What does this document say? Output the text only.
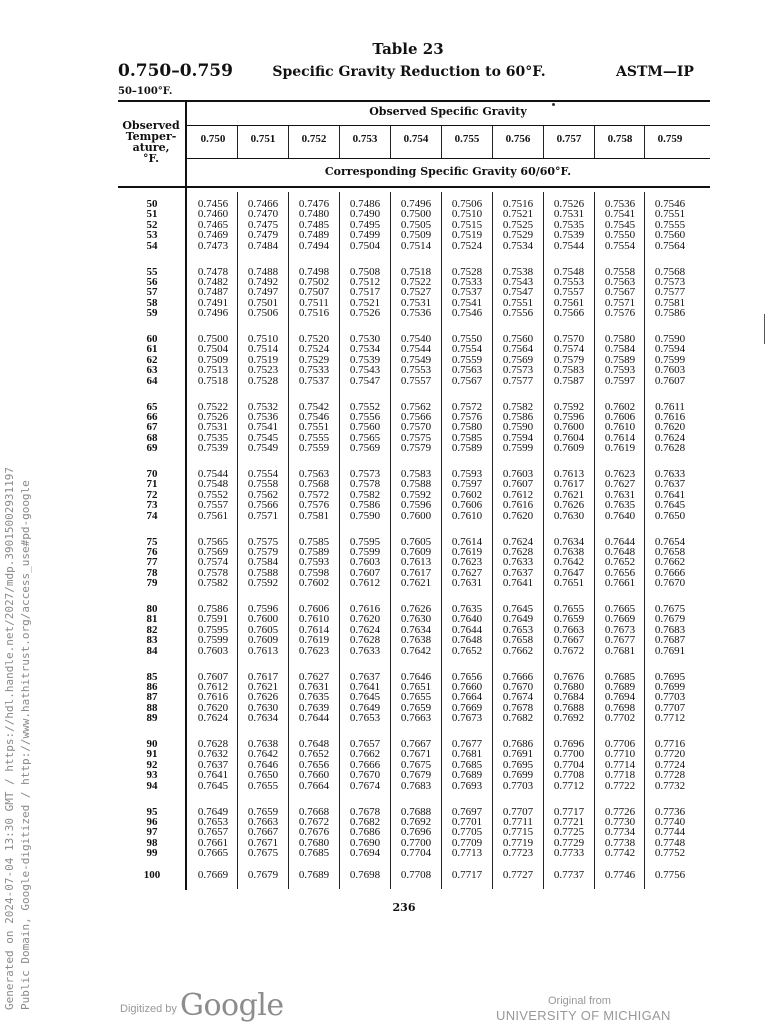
Table 23
0.750–0.759	Specific Gravity Reduction to 60°F.	ASTM—IP
50–100°F.
Observed
Temper-
ature,
°F.
Observed Specific Gravity
Corresponding Specific Gravity 60/60°F.
0.750	0.751	0.752	0.753	0.754	0.755	0.756	0.757	0.758	0.759
50	0.7456	0.7466	0.7476	0.7486	0.7496	0.7506	0.7516	0.7526	0.7536	0.7546
51	0.7460	0.7470	0.7480	0.7490	0.7500	0.7510	0.7521	0.7531	0.7541	0.7551
52	0.7465	0.7475	0.7485	0.7495	0.7505	0.7515	0.7525	0.7535	0.7545	0.7555
53	0.7469	0.7479	0.7489	0.7499	0.7509	0.7519	0.7529	0.7539	0.7550	0.7560
54	0.7473	0.7484	0.7494	0.7504	0.7514	0.7524	0.7534	0.7544	0.7554	0.7564
55	0.7478	0.7488	0.7498	0.7508	0.7518	0.7528	0.7538	0.7548	0.7558	0.7568
56	0.7482	0.7492	0.7502	0.7512	0.7522	0.7533	0.7543	0.7553	0.7563	0.7573
57	0.7487	0.7497	0.7507	0.7517	0.7527	0.7537	0.7547	0.7557	0.7567	0.7577
58	0.7491	0.7501	0.7511	0.7521	0.7531	0.7541	0.7551	0.7561	0.7571	0.7581
59	0.7496	0.7506	0.7516	0.7526	0.7536	0.7546	0.7556	0.7566	0.7576	0.7586
60	0.7500	0.7510	0.7520	0.7530	0.7540	0.7550	0.7560	0.7570	0.7580	0.7590
61	0.7504	0.7514	0.7524	0.7534	0.7544	0.7554	0.7564	0.7574	0.7584	0.7594
62	0.7509	0.7519	0.7529	0.7539	0.7549	0.7559	0.7569	0.7579	0.7589	0.7599
63	0.7513	0.7523	0.7533	0.7543	0.7553	0.7563	0.7573	0.7583	0.7593	0.7603
64	0.7518	0.7528	0.7537	0.7547	0.7557	0.7567	0.7577	0.7587	0.7597	0.7607
65	0.7522	0.7532	0.7542	0.7552	0.7562	0.7572	0.7582	0.7592	0.7602	0.7611
66	0.7526	0.7536	0.7546	0.7556	0.7566	0.7576	0.7586	0.7596	0.7606	0.7616
67	0.7531	0.7541	0.7551	0.7560	0.7570	0.7580	0.7590	0.7600	0.7610	0.7620
68	0.7535	0.7545	0.7555	0.7565	0.7575	0.7585	0.7594	0.7604	0.7614	0.7624
69	0.7539	0.7549	0.7559	0.7569	0.7579	0.7589	0.7599	0.7609	0.7619	0.7628
70	0.7544	0.7554	0.7563	0.7573	0.7583	0.7593	0.7603	0.7613	0.7623	0.7633
71	0.7548	0.7558	0.7568	0.7578	0.7588	0.7597	0.7607	0.7617	0.7627	0.7637
72	0.7552	0.7562	0.7572	0.7582	0.7592	0.7602	0.7612	0.7621	0.7631	0.7641
73	0.7557	0.7566	0.7576	0.7586	0.7596	0.7606	0.7616	0.7626	0.7635	0.7645
74	0.7561	0.7571	0.7581	0.7590	0.7600	0.7610	0.7620	0.7630	0.7640	0.7650
75	0.7565	0.7575	0.7585	0.7595	0.7605	0.7614	0.7624	0.7634	0.7644	0.7654
76	0.7569	0.7579	0.7589	0.7599	0.7609	0.7619	0.7628	0.7638	0.7648	0.7658
77	0.7574	0.7584	0.7593	0.7603	0.7613	0.7623	0.7633	0.7642	0.7652	0.7662
78	0.7578	0.7588	0.7598	0.7607	0.7617	0.7627	0.7637	0.7647	0.7656	0.7666
79	0.7582	0.7592	0.7602	0.7612	0.7621	0.7631	0.7641	0.7651	0.7661	0.7670
80	0.7586	0.7596	0.7606	0.7616	0.7626	0.7635	0.7645	0.7655	0.7665	0.7675
81	0.7591	0.7600	0.7610	0.7620	0.7630	0.7640	0.7649	0.7659	0.7669	0.7679
82	0.7595	0.7605	0.7614	0.7624	0.7634	0.7644	0.7653	0.7663	0.7673	0.7683
83	0.7599	0.7609	0.7619	0.7628	0.7638	0.7648	0.7658	0.7667	0.7677	0.7687
84	0.7603	0.7613	0.7623	0.7633	0.7642	0.7652	0.7662	0.7672	0.7681	0.7691
85	0.7607	0.7617	0.7627	0.7637	0.7646	0.7656	0.7666	0.7676	0.7685	0.7695
86	0.7612	0.7621	0.7631	0.7641	0.7651	0.7660	0.7670	0.7680	0.7689	0.7699
87	0.7616	0.7626	0.7635	0.7645	0.7655	0.7664	0.7674	0.7684	0.7694	0.7703
88	0.7620	0.7630	0.7639	0.7649	0.7659	0.7669	0.7678	0.7688	0.7698	0.7707
89	0.7624	0.7634	0.7644	0.7653	0.7663	0.7673	0.7682	0.7692	0.7702	0.7712
90	0.7628	0.7638	0.7648	0.7657	0.7667	0.7677	0.7686	0.7696	0.7706	0.7716
91	0.7632	0.7642	0.7652	0.7662	0.7671	0.7681	0.7691	0.7700	0.7710	0.7720
92	0.7637	0.7646	0.7656	0.7666	0.7675	0.7685	0.7695	0.7704	0.7714	0.7724
93	0.7641	0.7650	0.7660	0.7670	0.7679	0.7689	0.7699	0.7708	0.7718	0.7728
94	0.7645	0.7655	0.7664	0.7674	0.7683	0.7693	0.7703	0.7712	0.7722	0.7732
95	0.7649	0.7659	0.7668	0.7678	0.7688	0.7697	0.7707	0.7717	0.7726	0.7736
96	0.7653	0.7663	0.7672	0.7682	0.7692	0.7701	0.7711	0.7721	0.7730	0.7740
97	0.7657	0.7667	0.7676	0.7686	0.7696	0.7705	0.7715	0.7725	0.7734	0.7744
98	0.7661	0.7671	0.7680	0.7690	0.7700	0.7709	0.7719	0.7729	0.7738	0.7748
99	0.7665	0.7675	0.7685	0.7694	0.7704	0.7713	0.7723	0.7733	0.7742	0.7752
100	0.7669	0.7679	0.7689	0.7698	0.7708	0.7717	0.7727	0.7737	0.7746	0.7756
236
Generated on 2024-07-04 13:30 GMT / https://hdl.handle.net/2027/mdp.39015002931197 Public Domain, Google-digitized / http://www.hathitrust.org/access_use#pd-google	Digitized by Google	Original from
UNIVERSITY OF MICHIGAN
